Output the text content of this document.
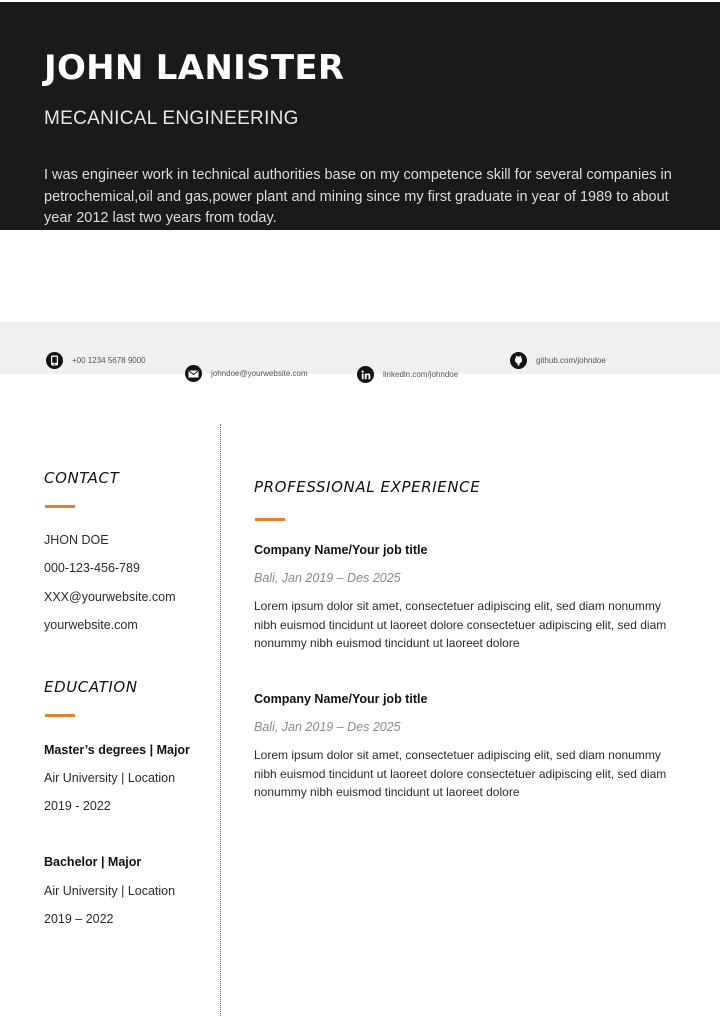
JOHN LANISTER
MECANICAL ENGINEERING
I was engineer work in technical authorities base on my competence skill for several companies in petrochemical,oil and gas,power plant and mining since my first graduate in year of 1989 to about year 2012 last two years from today.
+00 1234 5678 9000
johndoe@yourwebsite.com	linkedin.com/johndoe
github.com/johndoe
CONTACT
JHON DOE
000-123-456-789
XXX@yourwebsite.com
yourwebsite.com
EDUCATION
Master’s degrees | Major
Air University | Location
2019 - 2022
Bachelor | Major
Air University | Location
2019 – 2022
PROFESSIONAL EXPERIENCE
Company Name/Your job title
Bali, Jan 2019 – Des 2025
Lorem ipsum dolor sit amet, consectetuer adipiscing elit, sed diam nonummy nibh euismod tincidunt ut laoreet dolore consectetuer adipiscing elit, sed diam nonummy nibh euismod tincidunt ut laoreet dolore
Company Name/Your job title
Bali, Jan 2019 – Des 2025
Lorem ipsum dolor sit amet, consectetuer adipiscing elit, sed diam nonummy nibh euismod tincidunt ut laoreet dolore consectetuer adipiscing elit, sed diam nonummy nibh euismod tincidunt ut laoreet dolore
